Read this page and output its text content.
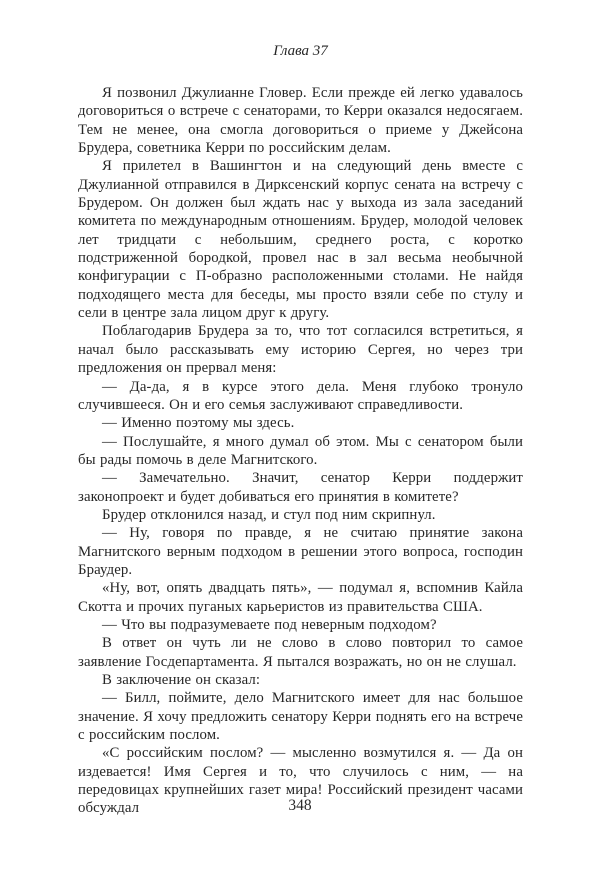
Глава 37

Я позвонил Джулианне Гловер. Если прежде ей легко удавалось договориться о встрече с сенаторами, то Керри оказался недосягаем. Тем не менее, она смогла договориться о приеме у Джейсона Брудера, советника Керри по российским делам.

Я прилетел в Вашингтон и на следующий день вместе с Джулианной отправился в Дирксенский корпус сената на встречу с Брудером. Он должен был ждать нас у выхода из зала заседаний комитета по международным отношениям. Брудер, молодой человек лет тридцати с небольшим, среднего роста, с коротко подстриженной бородкой, провел нас в зал весьма необычной конфигурации с П-образно расположенными столами. Не найдя подходящего места для беседы, мы просто взяли себе по стулу и сели в центре зала лицом друг к другу.

Поблагодарив Брудера за то, что тот согласился встретиться, я начал было рассказывать ему историю Сергея, но через три предложения он прервал меня:

— Да-да, я в курсе этого дела. Меня глубоко тронуло случившееся. Он и его семья заслуживают справедливости.

— Именно поэтому мы здесь.

— Послушайте, я много думал об этом. Мы с сенатором были бы рады помочь в деле Магнитского.

— Замечательно. Значит, сенатор Керри поддержит законопроект и будет добиваться его принятия в комитете?

Брудер отклонился назад, и стул под ним скрипнул.

— Ну, говоря по правде, я не считаю принятие закона Магнитского верным подходом в решении этого вопроса, господин Браудер.

«Ну, вот, опять двадцать пять», — подумал я, вспомнив Кайла Скотта и прочих пуганых карьеристов из правительства США.

— Что вы подразумеваете под неверным подходом?

В ответ он чуть ли не слово в слово повторил то самое заявление Госдепартамента. Я пытался возражать, но он не слушал.

В заключение он сказал:

— Билл, поймите, дело Магнитского имеет для нас большое значение. Я хочу предложить сенатору Керри поднять его на встрече с российским послом.

«С российским послом? — мысленно возмутился я. — Да он издевается! Имя Сергея и то, что случилось с ним, — на передовицах крупнейших газет мира! Российский президент часами обсуждал	348
